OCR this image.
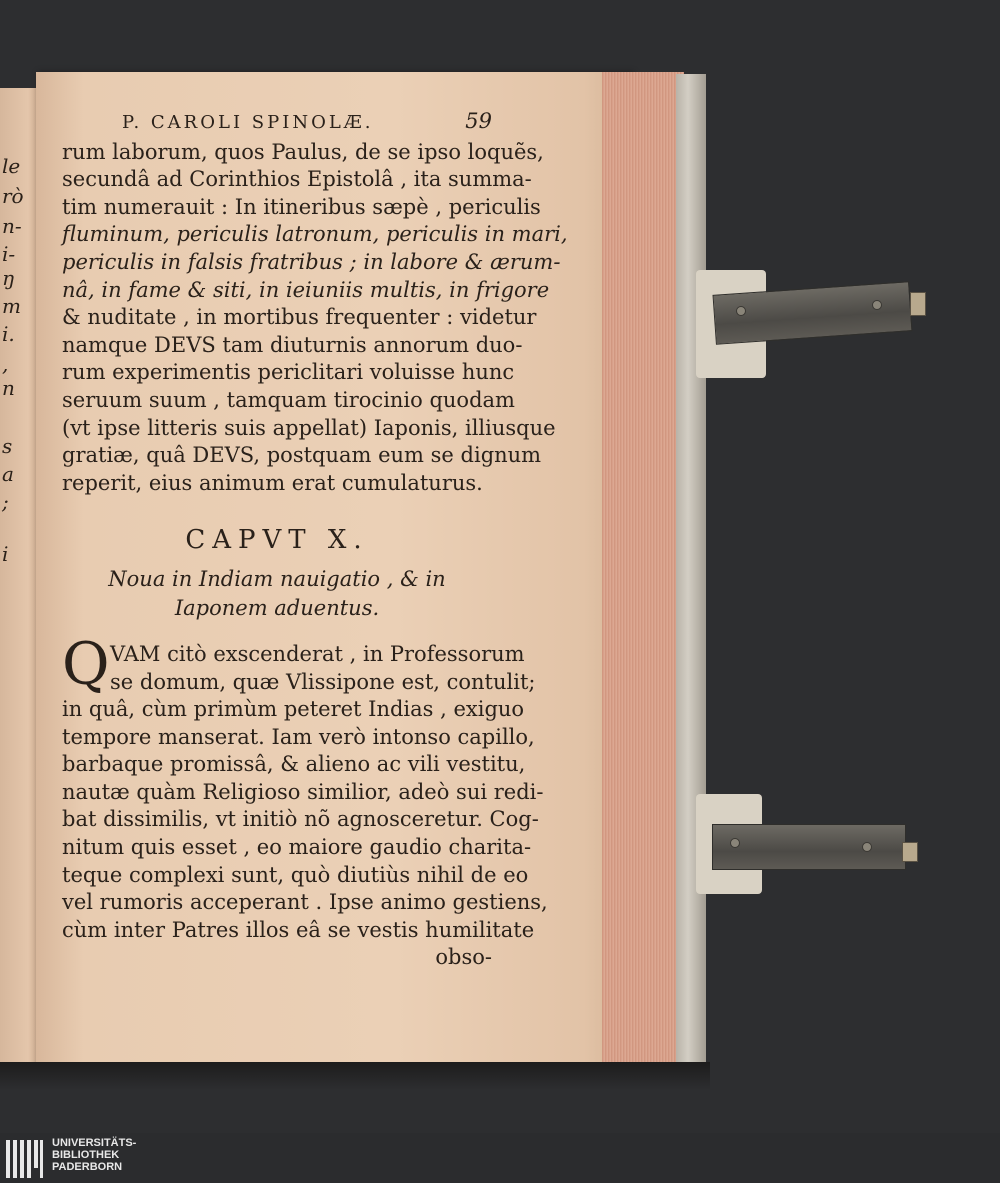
le
rò
n-
i-
ŋ
m
i.
,
n
s
a
;
i
P. CAROLI SPINOLÆ.	59
rum laborum, quos Paulus, de se ipso loquẽs,
secundâ ad Corinthios Epistolâ , ita summa-
tim numerauit : In itineribus sæpè , periculis
fluminum, periculis latronum, periculis in mari,
periculis in falsis fratribus ; in labore & ærum-
nâ, in fame & siti, in ieiuniis multis, in frigore
& nuditate , in mortibus frequenter : videtur
namque DEVS tam diuturnis annorum duo-
rum experimentis periclitari voluisse hunc
seruum suum , tamquam tirocinio quodam
(vt ipse litteris suis appellat) Iaponis, illiusque
gratiæ, quâ DEVS, postquam eum se dignum
reperit, eius animum erat cumulaturus.
CAPVT X.
Noua in Indiam nauigatio , & in
Iaponem aduentus.
Q VAM citò exscenderat , in Professorum
se domum, quæ Vlissipone est, contulit;
in quâ, cùm primùm peteret Indias , exiguo
tempore manserat. Iam verò intonso capillo,
barbaque promissâ, & alieno ac vili vestitu,
nautæ quàm Religioso similior, adeò sui redi-
bat dissimilis, vt initiò nõ agnosceretur. Cog-
nitum quis esset , eo maiore gaudio charita-
teque complexi sunt, quò diutiùs nihil de eo
vel rumoris acceperant . Ipse animo gestiens,
cùm inter Patres illos eâ se vestis humilitate
obso-
UNIVERSITÄTS-
BIBLIOTHEK
PADERBORN
